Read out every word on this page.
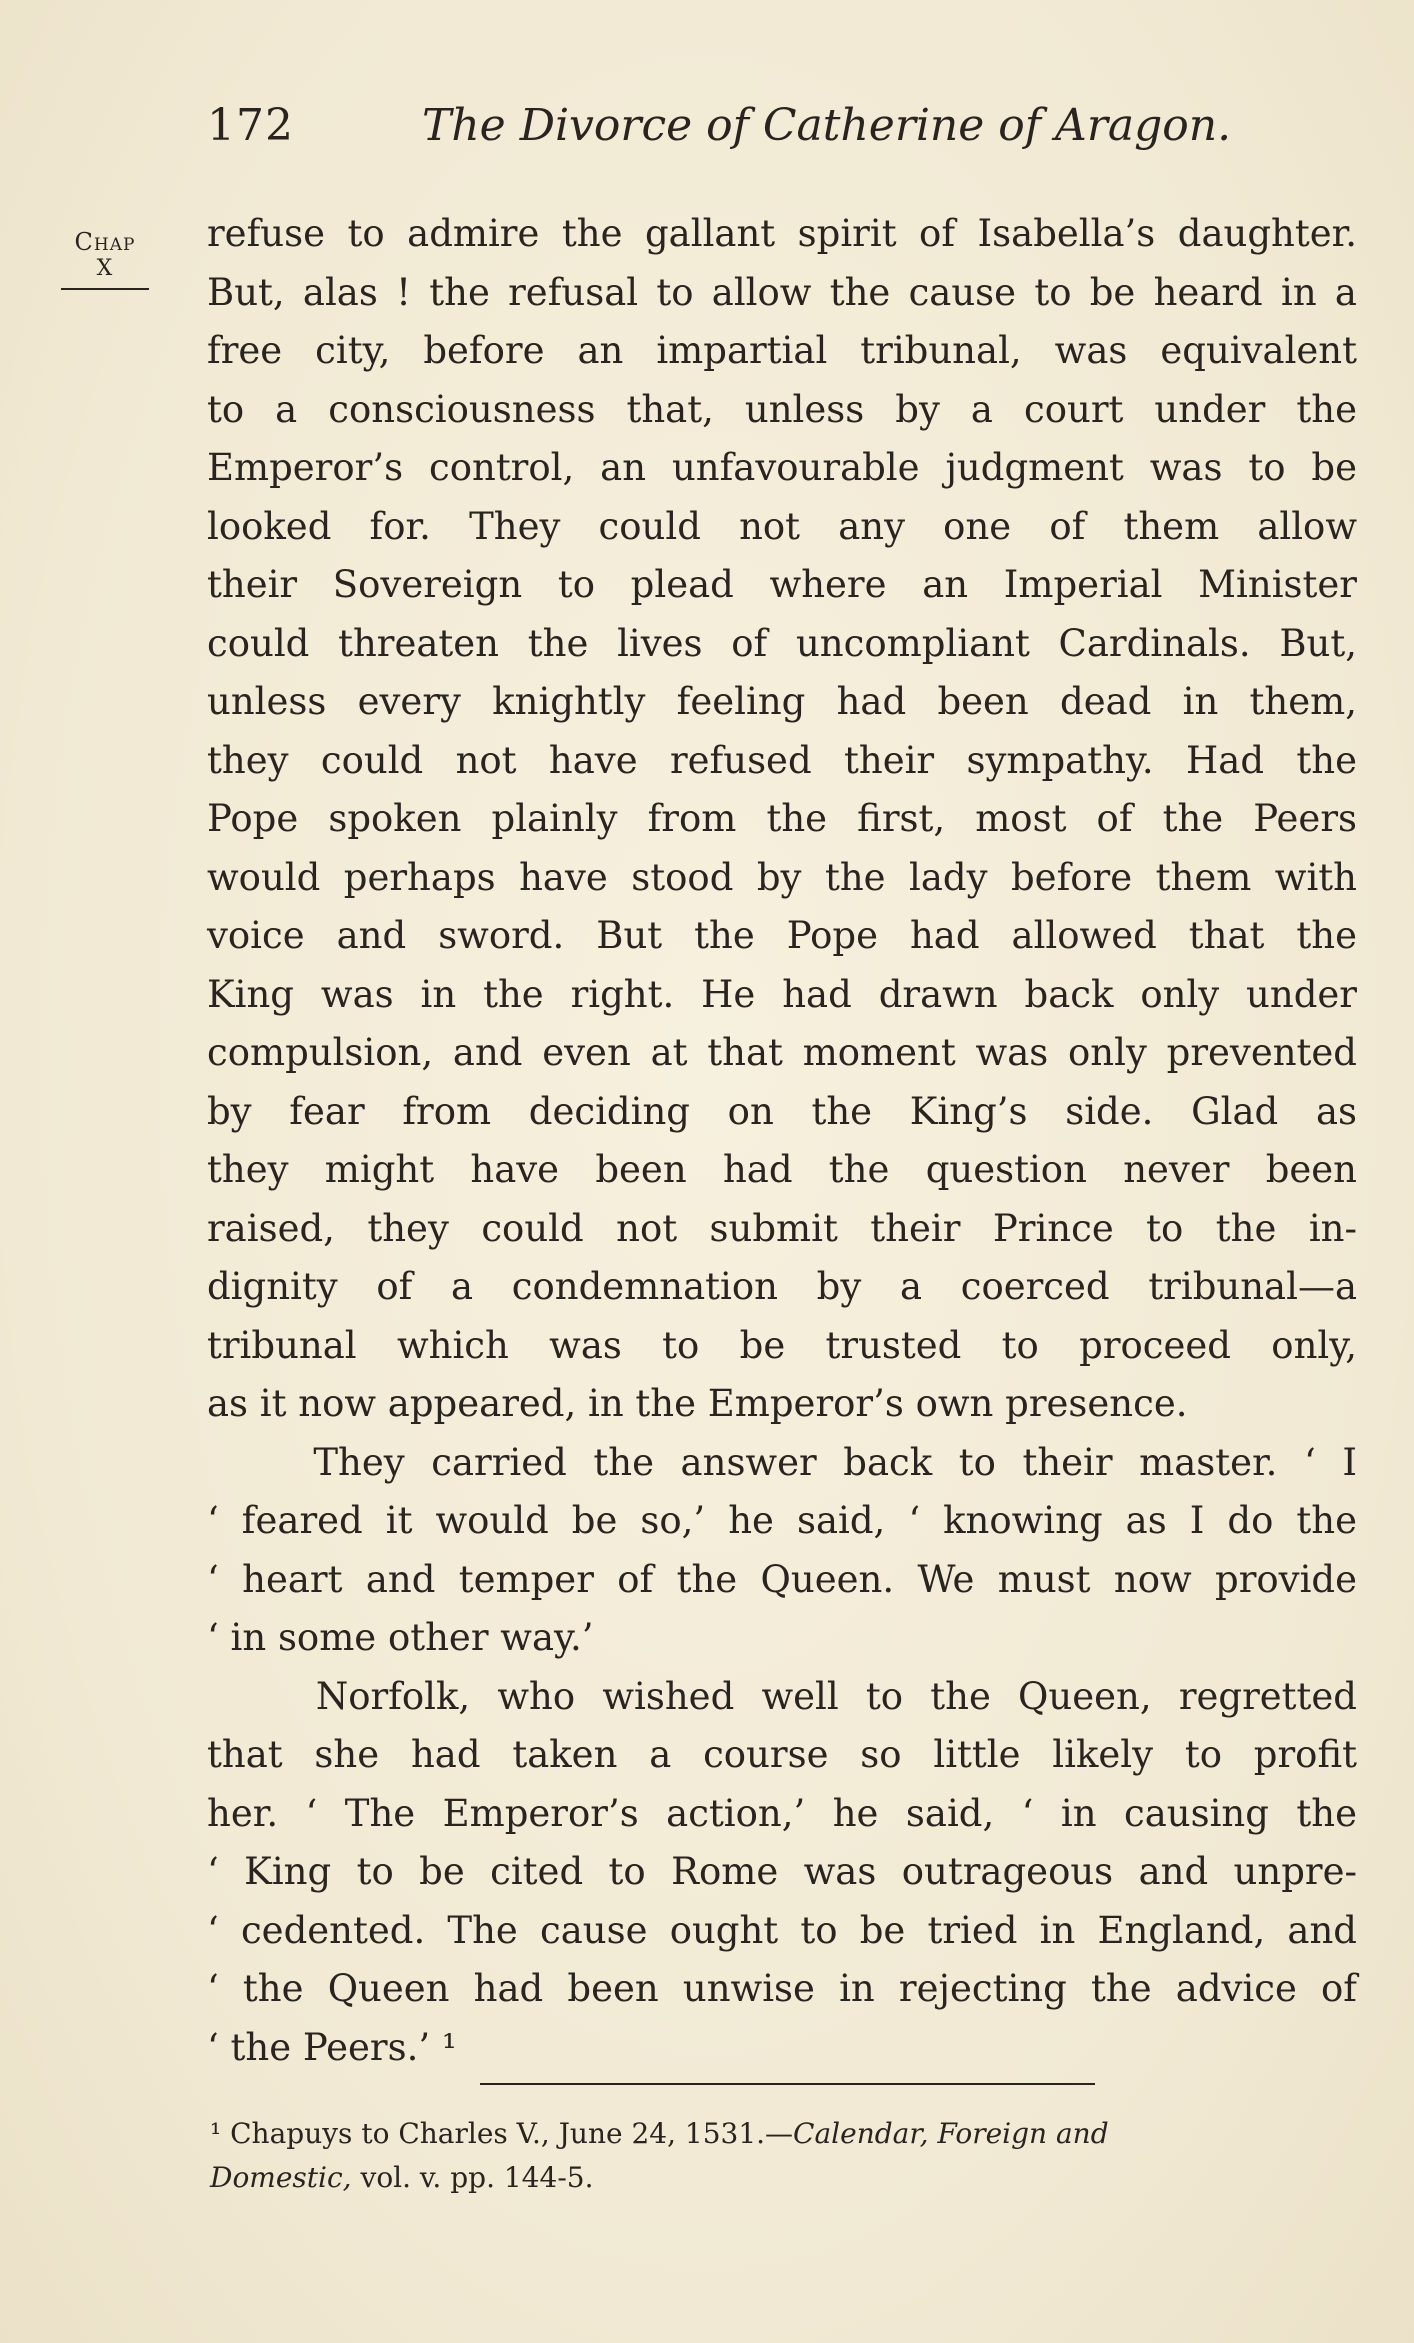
172	The Divorce of Catherine of Aragon.
Chap
X
refuse to admire the gallant spirit of Isabella’s daughter.
But, alas ! the refusal to allow the cause to be heard in a
free city, before an impartial tribunal, was equivalent
to a consciousness that, unless by a court under the
Emperor’s control, an unfavourable judgment was to be
looked for. They could not any one of them allow
their Sovereign to plead where an Imperial Minister
could threaten the lives of uncompliant Cardinals. But,
unless every knightly feeling had been dead in them,
they could not have refused their sympathy. Had the
Pope spoken plainly from the first, most of the Peers
would perhaps have stood by the lady before them with
voice and sword. But the Pope had allowed that the
King was in the right. He had drawn back only under
compulsion, and even at that moment was only prevented
by fear from deciding on the King’s side. Glad as
they might have been had the question never been
raised, they could not submit their Prince to the in-
dignity of a condemnation by a coerced tribunal—a
tribunal which was to be trusted to proceed only,
as it now appeared, in the Emperor’s own presence.
They carried the answer back to their master. ‘ I
‘ feared it would be so,’ he said, ‘ knowing as I do the
‘ heart and temper of the Queen. We must now provide
‘ in some other way.’
Norfolk, who wished well to the Queen, regretted
that she had taken a course so little likely to profit
her. ‘ The Emperor’s action,’ he said, ‘ in causing the
‘ King to be cited to Rome was outrageous and unpre-
‘ cedented. The cause ought to be tried in England, and
‘ the Queen had been unwise in rejecting the advice of
‘ the Peers.’ ¹
¹ Chapuys to Charles V., June 24, 1531.—Calendar, Foreign and
Domestic, vol. v. pp. 144-5.
